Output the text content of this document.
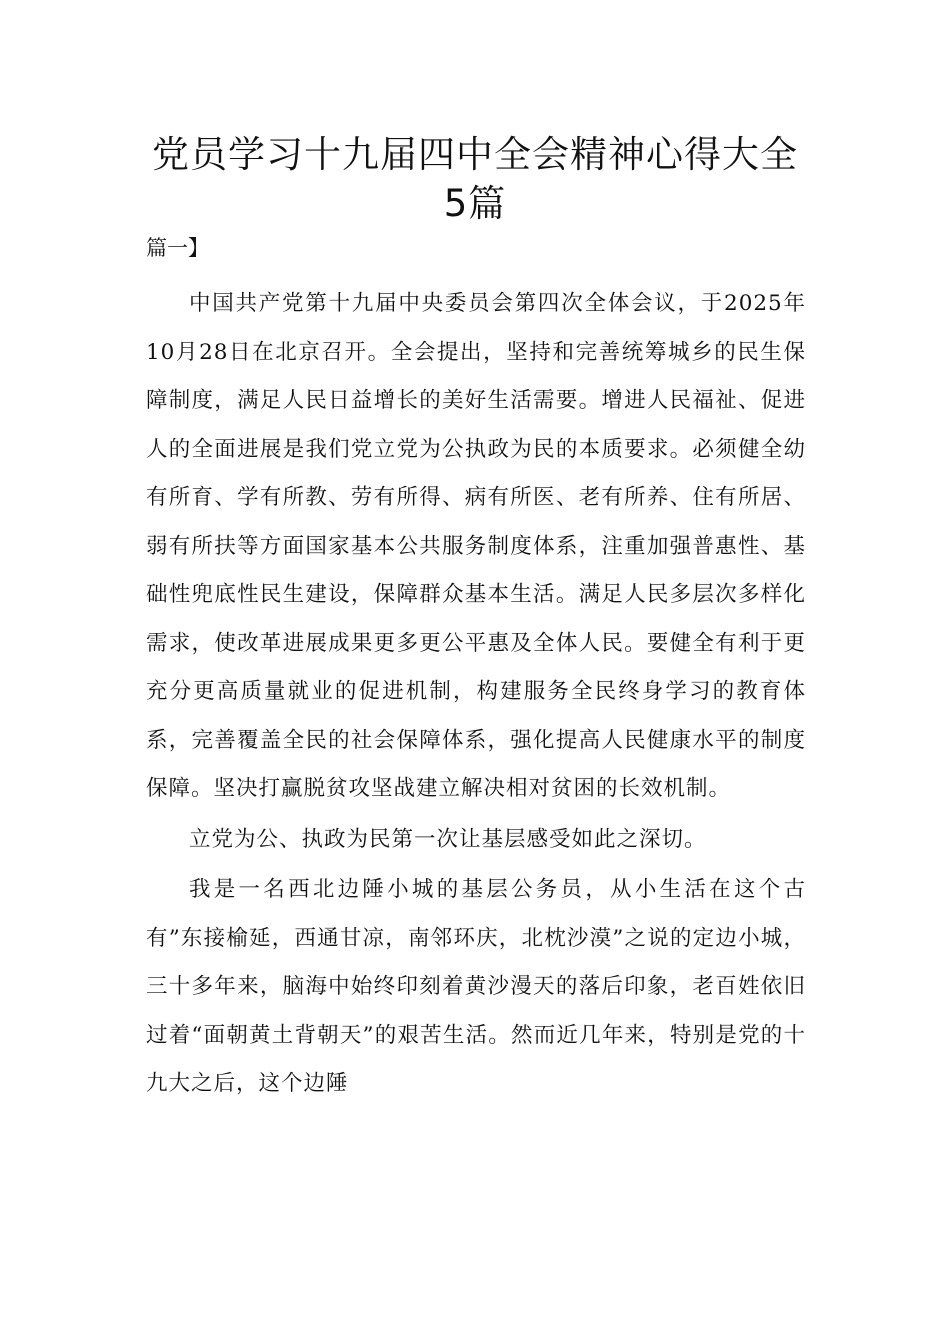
党员学习十九届四中全会精神心得大全
5篇

篇一】

中国共产党第十九届中央委员会第四次全体会议，于2025年10月28日在北京召开。全会提出，坚持和完善统筹城乡的民生保障制度，满足人民日益增长的美好生活需要。增进人民福祉、促进人的全面进展是我们党立党为公执政为民的本质要求。必须健全幼有所育、学有所教、劳有所得、病有所医、老有所养、住有所居、弱有所扶等方面国家基本公共服务制度体系，注重加强普惠性、基础性兜底性民生建设，保障群众基本生活。满足人民多层次多样化需求，使改革进展成果更多更公平惠及全体人民。要健全有利于更充分更高质量就业的促进机制，构建服务全民终身学习的教育体系，完善覆盖全民的社会保障体系，强化提高人民健康水平的制度保障。坚决打赢脱贫攻坚战建立解决相对贫困的长效机制。

立党为公、执政为民第一次让基层感受如此之深切。

我是一名西北边陲小城的基层公务员，从小生活在这个古有”东接榆延，西通甘凉，南邻环庆，北枕沙漠”之说的定边小城，三十多年来，脑海中始终印刻着黄沙漫天的落后印象，老百姓依旧过着“面朝黄土背朝天”的艰苦生活。然而近几年来，特别是党的十九大之后，这个边陲
